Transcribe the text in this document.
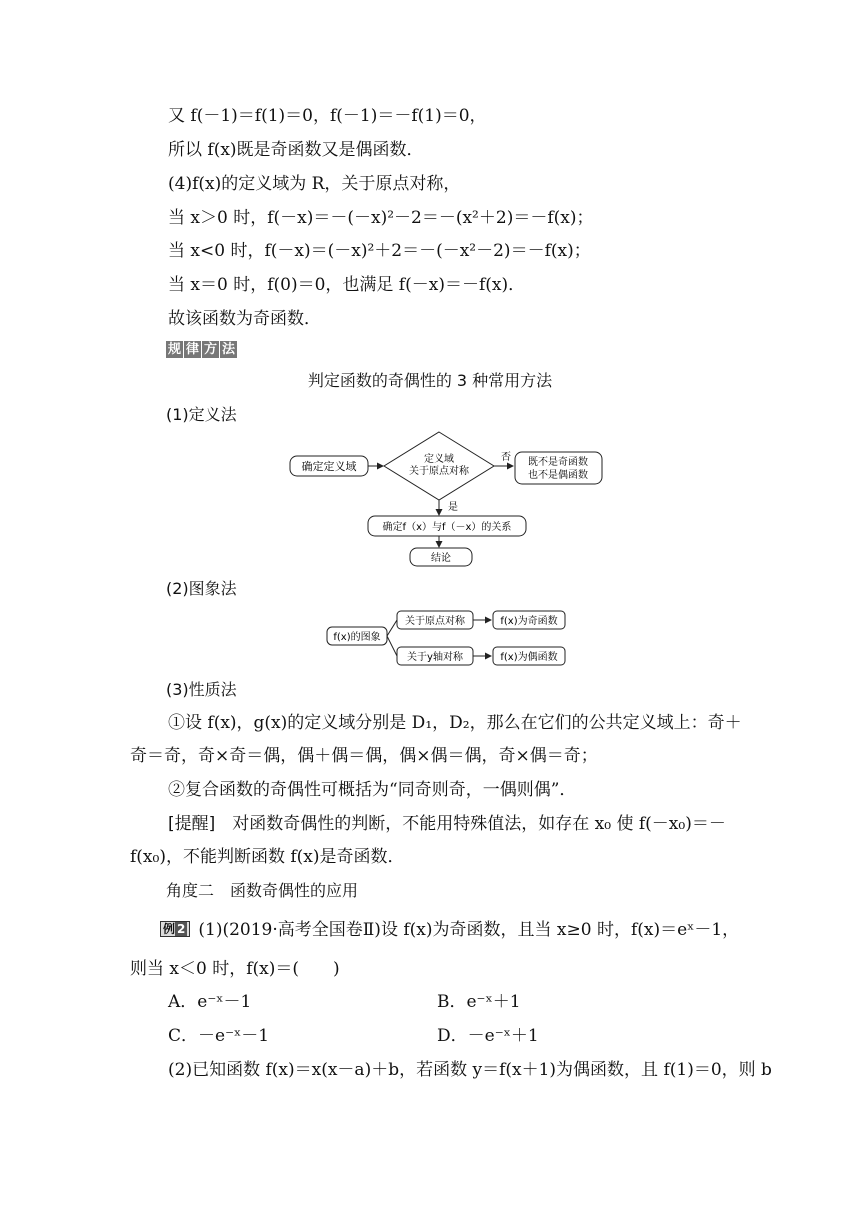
又 f(－1)＝f(1)＝0，f(－1)＝－f(1)＝0，
所以 f(x)既是奇函数又是偶函数．
(4)f(x)的定义域为 R，关于原点对称，
当 x＞0 时，f(－x)＝－(－x)²－2＝－(x²＋2)＝－f(x)；
当 x<0 时，f(－x)＝(－x)²＋2＝－(－x²－2)＝－f(x)；
当 x＝0 时，f(0)＝0，也满足 f(－x)＝－f(x)．
故该函数为奇函数．
规 律 方 法
判定函数的奇偶性的 3 种常用方法
(1)定义法
确定定义域
定义域
关于原点对称
否 既不是奇函数
也不是偶函数
是
确定f（x）与f（－x）的关系
结论
(2)图象法
f(x)的图象
关于原点对称	f(x)为奇函数
关于y轴对称	f(x)为偶函数
(3)性质法
①设 f(x)，g(x)的定义域分别是 D₁，D₂，那么在它们的公共定义域上：奇＋
奇＝奇，奇×奇＝偶，偶＋偶＝偶，偶×偶＝偶，奇×偶＝奇；
②复合函数的奇偶性可概括为“同奇则奇，一偶则偶”．
[提醒]　对函数奇偶性的判断，不能用特殊值法，如存在 x₀ 使 f(－x₀)＝－
f(x₀)，不能判断函数 f(x)是奇函数．
角度二　函数奇偶性的应用
例 2 (1)(2019·高考全国卷Ⅱ)设 f(x)为奇函数，且当 x≥0 时，f(x)＝eˣ－1，
则当 x＜0 时，f(x)＝(　　)
A．e⁻ˣ－1	B．e⁻ˣ＋1
C．－e⁻ˣ－1	D．－e⁻ˣ＋1
(2)已知函数 f(x)＝x(x－a)＋b，若函数 y＝f(x＋1)为偶函数，且 f(1)＝0，则 b
